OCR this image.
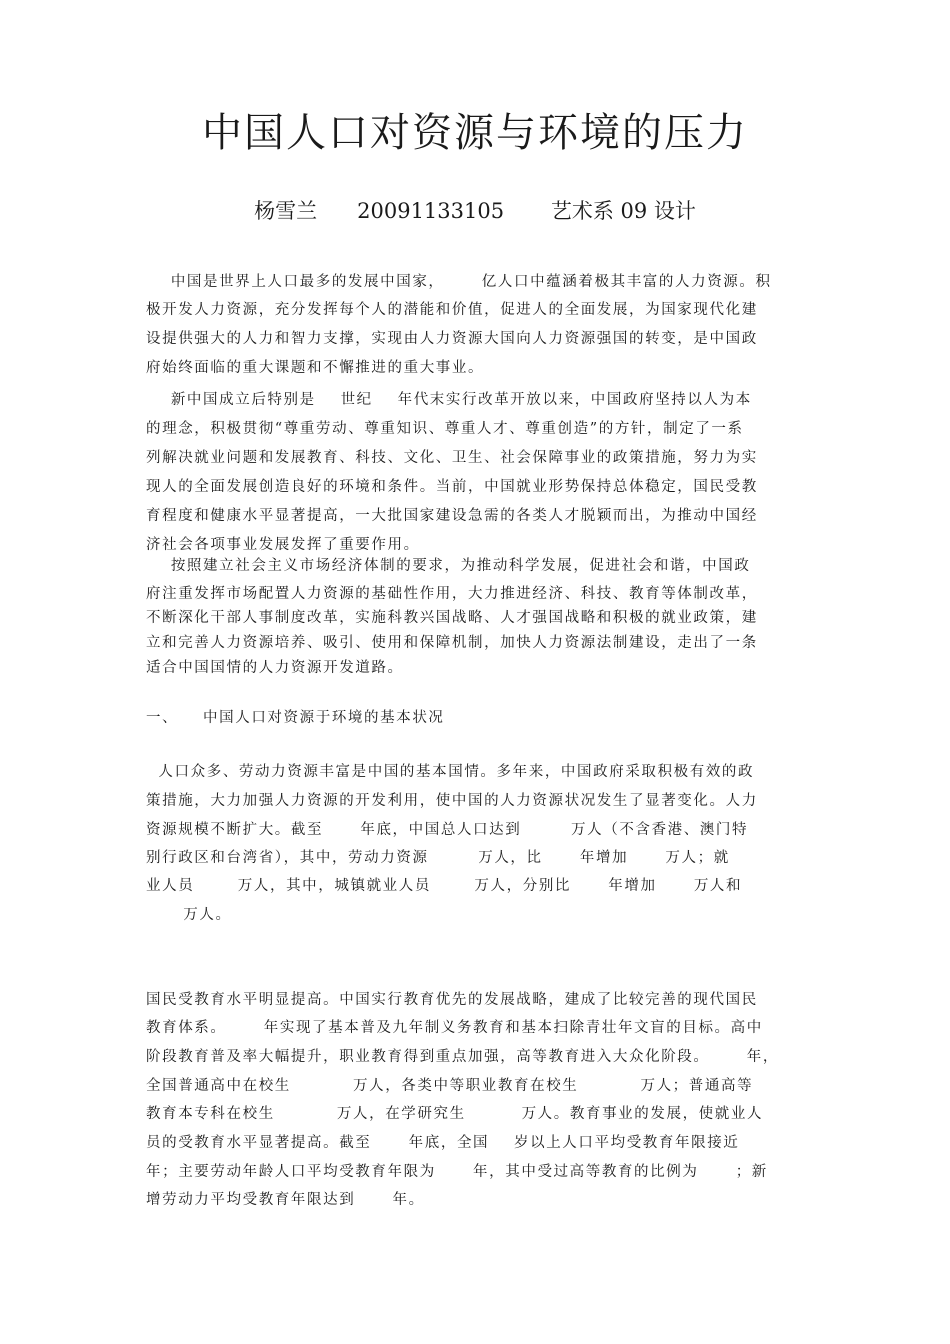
中国人口对资源与环境的压力
杨雪兰      20091133105       艺术系 09 设计
中国是世界上人口最多的发展中国家，      亿人口中蕴涵着极其丰富的人力资源。积
极开发人力资源，充分发挥每个人的潜能和价值，促进人的全面发展，为国家现代化建
设提供强大的人力和智力支撑，实现由人力资源大国向人力资源强国的转变，是中国政
府始终面临的重大课题和不懈推进的重大事业。
新中国成立后特别是    世纪    年代末实行改革开放以来，中国政府坚持以人为本
的理念，积极贯彻“尊重劳动、尊重知识、尊重人才、尊重创造”的方针，制定了一系
列解决就业问题和发展教育、科技、文化、卫生、社会保障事业的政策措施，努力为实
现人的全面发展创造良好的环境和条件。当前，中国就业形势保持总体稳定，国民受教
育程度和健康水平显著提高，一大批国家建设急需的各类人才脱颖而出，为推动中国经
济社会各项事业发展发挥了重要作用。
按照建立社会主义市场经济体制的要求，为推动科学发展，促进社会和谐，中国政
府注重发挥市场配置人力资源的基础性作用，大力推进经济、科技、教育等体制改革，
不断深化干部人事制度改革，实施科教兴国战略、人才强国战略和积极的就业政策，建
立和完善人力资源培养、吸引、使用和保障机制，加快人力资源法制建设，走出了一条
适合中国国情的人力资源开发道路。
一、    中国人口对资源于环境的基本状况
人口众多、劳动力资源丰富是中国的基本国情。多年来，中国政府采取积极有效的政
策措施，大力加强人力资源的开发利用，使中国的人力资源状况发生了显著变化。人力
资源规模不断扩大。截至      年底，中国总人口达到        万人（不含香港、澳门特
别行政区和台湾省），其中，劳动力资源        万人，比      年增加      万人；就
业人员       万人，其中，城镇就业人员       万人，分别比      年增加      万人和
万人。
国民受教育水平明显提高。中国实行教育优先的发展战略，建成了比较完善的现代国民
教育体系。      年实现了基本普及九年制义务教育和基本扫除青壮年文盲的目标。高中
阶段教育普及率大幅提升，职业教育得到重点加强，高等教育进入大众化阶段。      年，
全国普通高中在校生          万人，各类中等职业教育在校生          万人；普通高等
教育本专科在校生          万人，在学研究生         万人。教育事业的发展，使就业人
员的受教育水平显著提高。截至      年底，全国    岁以上人口平均受教育年限接近
年；主要劳动年龄人口平均受教育年限为      年，其中受过高等教育的比例为      ；新
增劳动力平均受教育年限达到      年。
